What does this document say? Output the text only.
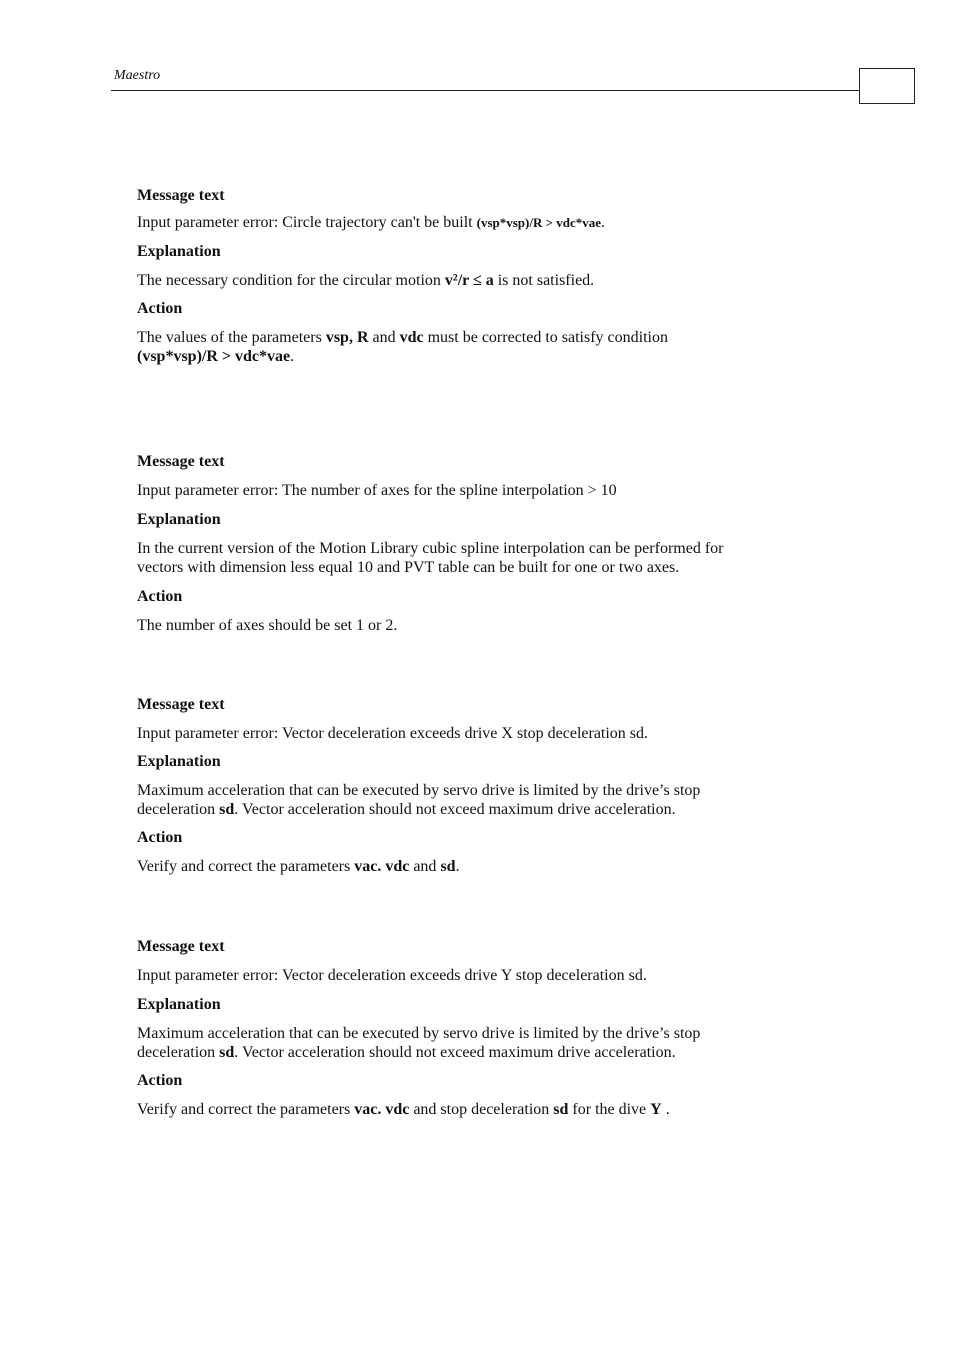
Maestro
Message text

Input parameter error: Circle trajectory can't be built (vsp*vsp)/R > vdc*vae.

Explanation

The necessary condition for the circular motion v²/r ≤ a is not satisfied.

Action

The values of the parameters vsp, R and vdc must be corrected to satisfy condition
(vsp*vsp)/R > vdc*vae.

Message text

Input parameter error: The number of axes for the spline interpolation > 10

Explanation

In the current version of the Motion Library cubic spline interpolation can be performed for
vectors with dimension less equal 10 and PVT table can be built for one or two axes.

Action

The number of axes should be set 1 or 2.

Message text

Input parameter error: Vector deceleration exceeds drive X stop deceleration sd.

Explanation

Maximum acceleration that can be executed by servo drive is limited by the drive’s stop
deceleration sd. Vector acceleration should not exceed maximum drive acceleration.

Action

Verify and correct the parameters vac. vdc and sd.

Message text

Input parameter error: Vector deceleration exceeds drive Y stop deceleration sd.

Explanation

Maximum acceleration that can be executed by servo drive is limited by the drive’s stop
deceleration sd. Vector acceleration should not exceed maximum drive acceleration.

Action

Verify and correct the parameters vac. vdc and stop deceleration sd for the dive Y .
